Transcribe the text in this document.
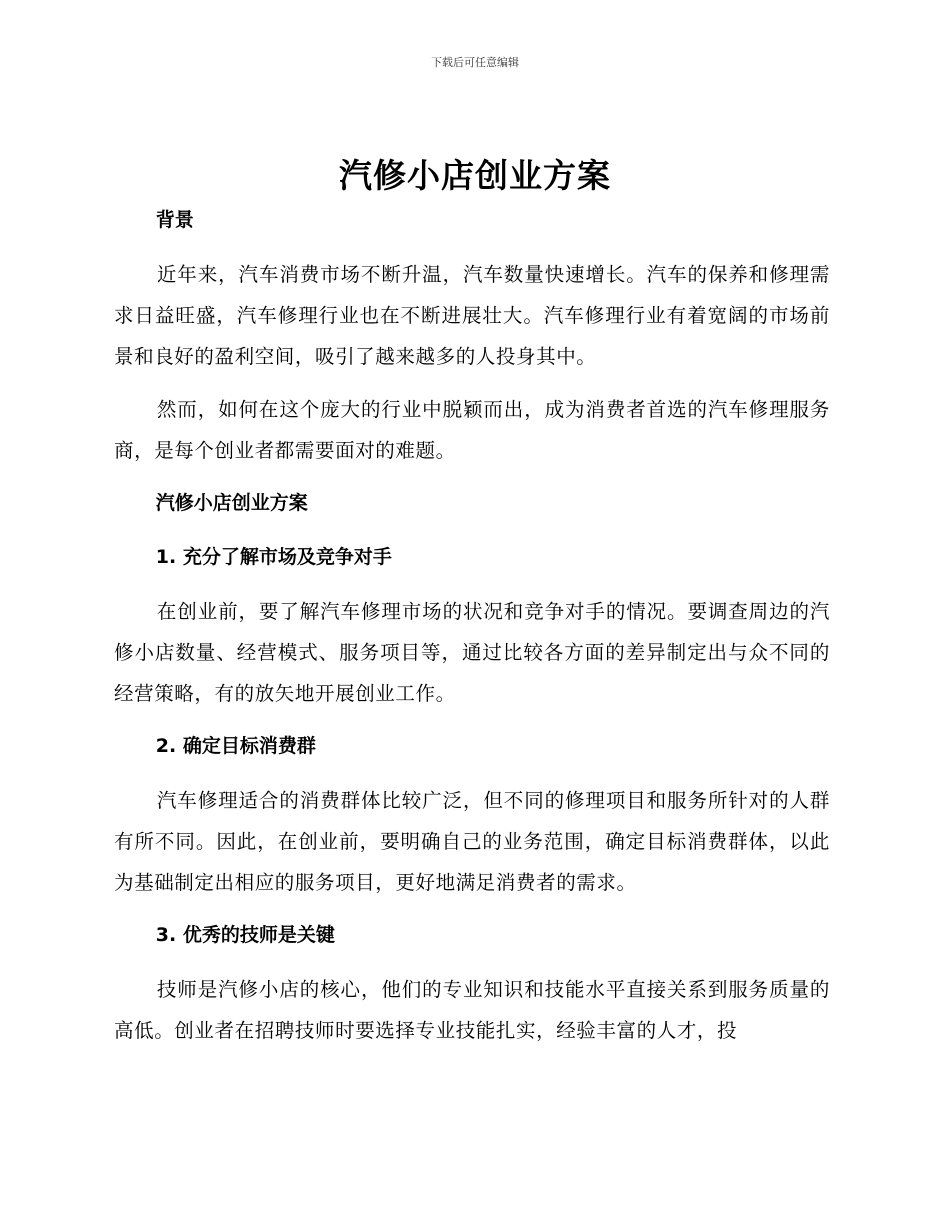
下载后可任意编辑
汽修小店创业方案

背景

近年来，汽车消费市场不断升温，汽车数量快速增长。汽车的保养和修理需求日益旺盛，汽车修理行业也在不断进展壮大。汽车修理行业有着宽阔的市场前景和良好的盈利空间，吸引了越来越多的人投身其中。

然而，如何在这个庞大的行业中脱颖而出，成为消费者首选的汽车修理服务商，是每个创业者都需要面对的难题。

汽修小店创业方案

1. 充分了解市场及竞争对手

在创业前，要了解汽车修理市场的状况和竞争对手的情况。要调查周边的汽修小店数量、经营模式、服务项目等，通过比较各方面的差异制定出与众不同的经营策略，有的放矢地开展创业工作。

2. 确定目标消费群

汽车修理适合的消费群体比较广泛，但不同的修理项目和服务所针对的人群有所不同。因此，在创业前，要明确自己的业务范围，确定目标消费群体，以此为基础制定出相应的服务项目，更好地满足消费者的需求。

3. 优秀的技师是关键

技师是汽修小店的核心，他们的专业知识和技能水平直接关系到服务质量的高低。创业者在招聘技师时要选择专业技能扎实，经验丰富的人才，投
